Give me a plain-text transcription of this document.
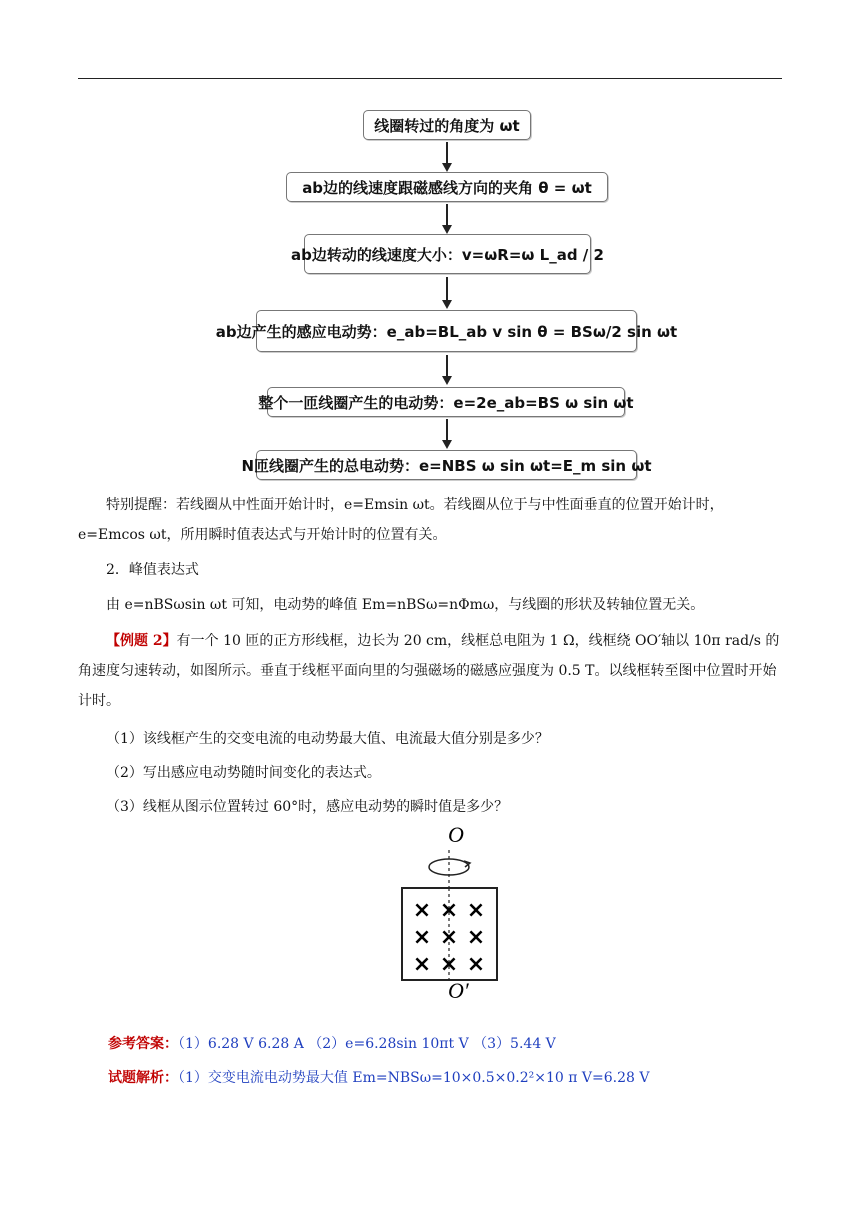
线圈转过的角度为 ωt
ab边的线速度跟磁感线方向的夹角 θ = ωt
ab边转动的线速度大小：v=ωR=ω L_ad / 2
ab边产生的感应电动势：e_ab=BL_ab v sin θ = BSω/2 sin ωt
整个一匝线圈产生的电动势：e=2e_ab=BS ω sin ωt
N匝线圈产生的总电动势：e=NBS ω sin ωt=E_m sin ωt
特别提醒：若线圈从中性面开始计时，e=Emsin ωt。若线圈从位于与中性面垂直的位置开始计时，e=Emcos ωt，所用瞬时值表达式与开始计时的位置有关。
2．峰值表达式
由 e=nBSωsin ωt 可知，电动势的峰值 Em=nBSω=nΦmω，与线圈的形状及转轴位置无关。
【例题 2】有一个 10 匝的正方形线框，边长为 20 cm，线框总电阻为 1 Ω，线框绕 OO′轴以 10π rad/s 的角速度匀速转动，如图所示。垂直于线框平面向里的匀强磁场的磁感应强度为 0.5 T。以线框转至图中位置时开始计时。
（1）该线框产生的交变电流的电动势最大值、电流最大值分别是多少？
（2）写出感应电动势随时间变化的表达式。
（3）线框从图示位置转过 60°时，感应电动势的瞬时值是多少？
O
× × ×
× × ×
× × ×
O′
参考答案：（1）6.28 V 6.28 A （2）e=6.28sin 10πt V （3）5.44 V
试题解析：（1）交变电流电动势最大值 Em=NBSω=10×0.5×0.2²×10 π V=6.28 V
